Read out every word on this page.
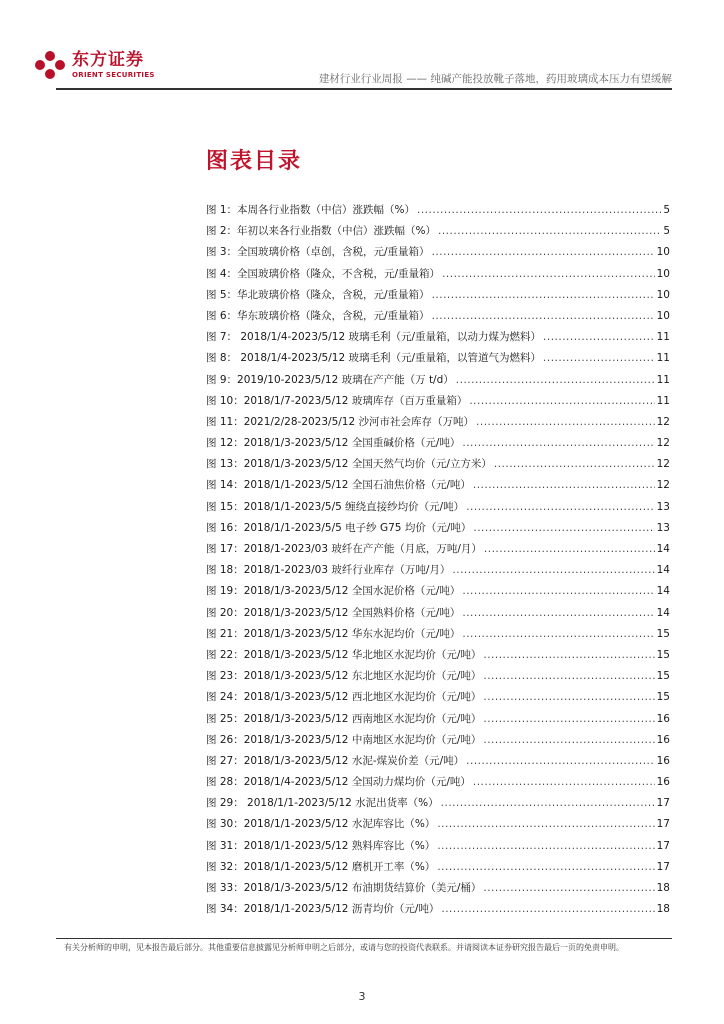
东方证券
ORIENT SECURITIES	建材行业行业周报 —— 纯碱产能投放靴子落地，药用玻璃成本压力有望缓解
图表目录
图 1：本周各行业指数（中信）涨跌幅（%） .....	5
图 2：年初以来各行业指数（中信）涨跌幅（%） .....	5
图 3：全国玻璃价格（卓创，含税，元/重量箱） .....	10
图 4：全国玻璃价格（隆众，不含税，元/重量箱） .....	10
图 5：华北玻璃价格（隆众，含税，元/重量箱） .....	10
图 6：华东玻璃价格（隆众，含税，元/重量箱） .....	10
图 7： 2018/1/4-2023/5/12 玻璃毛利（元/重量箱，以动力煤为燃料） .....	11
图 8： 2018/1/4-2023/5/12 玻璃毛利（元/重量箱，以管道气为燃料） .....	11
图 9：2019/10-2023/5/12 玻璃在产产能（万 t/d） .....	11
图 10：2018/1/7-2023/5/12 玻璃库存（百万重量箱） .....	11
图 11：2021/2/28-2023/5/12 沙河市社会库存（万吨） .....	12
图 12：2018/1/3-2023/5/12 全国重碱价格（元/吨） .....	12
图 13：2018/1/3-2023/5/12 全国天然气均价（元/立方米） .....	12
图 14：2018/1/1-2023/5/12 全国石油焦价格（元/吨） .....	12
图 15：2018/1/1-2023/5/5 缠绕直接纱均价（元/吨） .....	13
图 16：2018/1/1-2023/5/5 电子纱 G75 均价（元/吨） .....	13
图 17：2018/1-2023/03 玻纤在产产能（月底，万吨/月） .....	14
图 18：2018/1-2023/03 玻纤行业库存（万吨/月） .....	14
图 19：2018/1/3-2023/5/12 全国水泥价格（元/吨） .....	14
图 20：2018/1/3-2023/5/12 全国熟料价格（元/吨） .....	14
图 21：2018/1/3-2023/5/12 华东水泥均价（元/吨） .....	15
图 22：2018/1/3-2023/5/12 华北地区水泥均价（元/吨） .....	15
图 23：2018/1/3-2023/5/12 东北地区水泥均价（元/吨） .....	15
图 24：2018/1/3-2023/5/12 西北地区水泥均价（元/吨） .....	15
图 25：2018/1/3-2023/5/12 西南地区水泥均价（元/吨） .....	16
图 26：2018/1/3-2023/5/12 中南地区水泥均价（元/吨） .....	16
图 27：2018/1/3-2023/5/12 水泥-煤炭价差（元/吨） .....	16
图 28：2018/1/4-2023/5/12 全国动力煤均价（元/吨） .....	16
图 29： 2018/1/1-2023/5/12 水泥出货率（%） .....	17
图 30：2018/1/1-2023/5/12 水泥库容比（%） .....	17
图 31：2018/1/1-2023/5/12 熟料库容比（%） .....	17
图 32：2018/1/1-2023/5/12 磨机开工率（%） .....	17
图 33：2018/1/3-2023/5/12 布油期货结算价（美元/桶） .....	18
图 34：2018/1/1-2023/5/12 沥青均价（元/吨） .....	18
有关分析师的申明，见本报告最后部分。其他重要信息披露见分析师申明之后部分，或请与您的投资代表联系。并请阅读本证券研究报告最后一页的免责申明。
3
